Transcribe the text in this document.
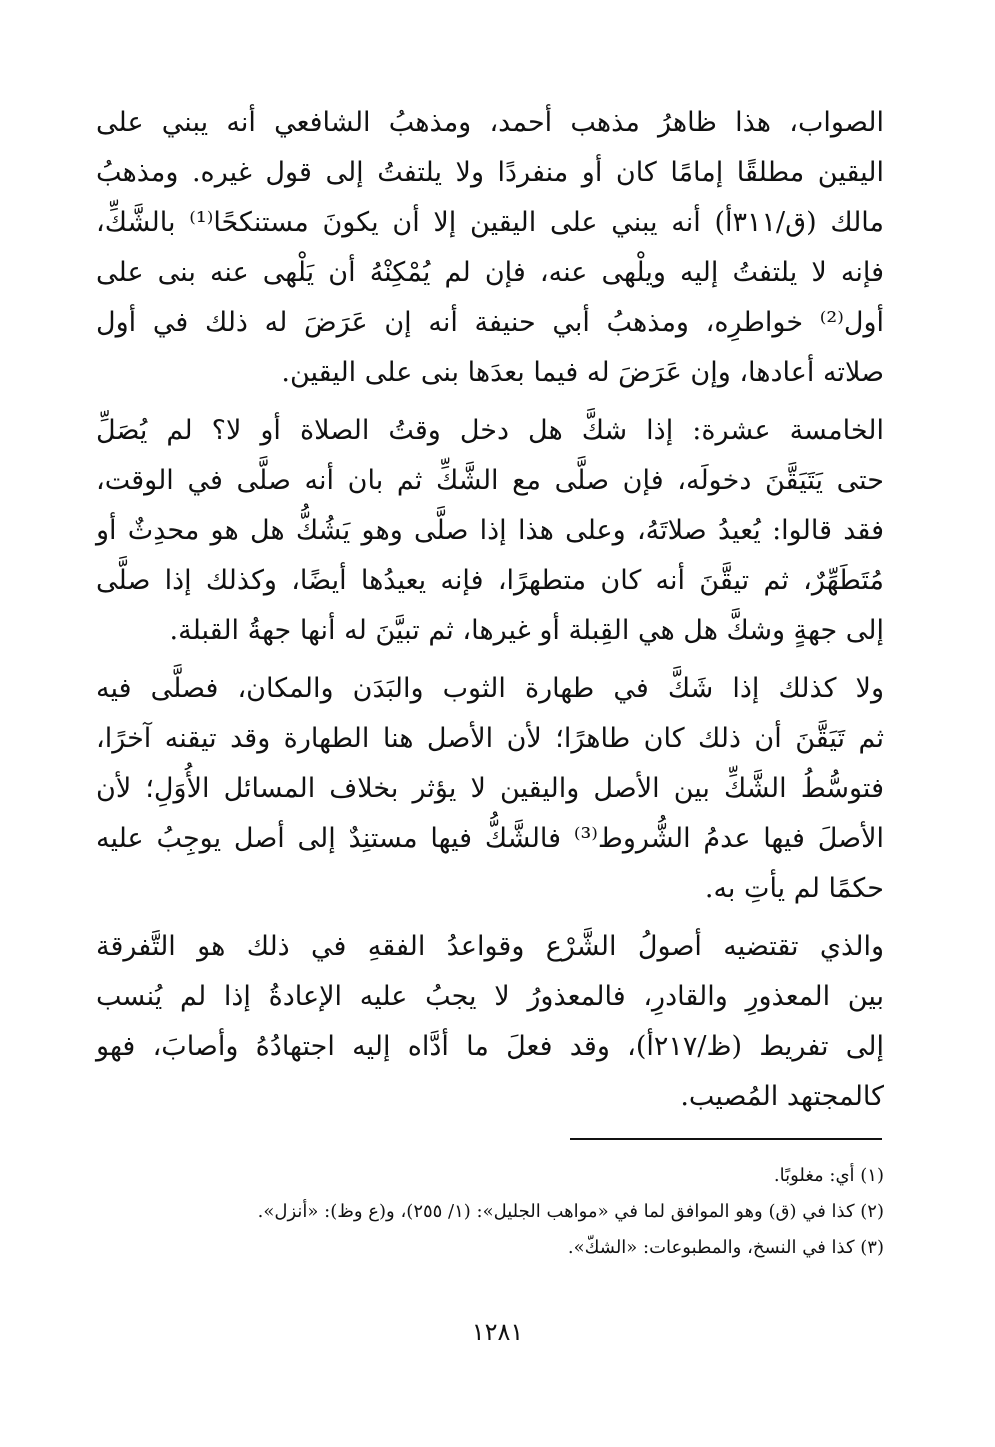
الصواب، هذا ظاهرُ مذهب أحمد، ومذهبُ الشافعي أنه يبني على
اليقين مطلقًا إمامًا كان أو منفردًا ولا يلتفتُ إلى قول غيره. ومذهبُ
مالك (ق/٣١١أ) أنه يبني على اليقين إلا أن يكونَ مستنكحًا⁽¹⁾ بالشَّكِّ،
فإنه لا يلتفتُ إليه ويلْهى عنه، فإن لم يُمْكِنْهُ أن يَلْهى عنه بنى على
أول⁽²⁾ خواطرِه، ومذهبُ أبي حنيفة أنه إن عَرَضَ له ذلك في أول
صلاته أعادها، وإن عَرَضَ له فيما بعدَها بنى على اليقين.

الخامسة عشرة: إذا شكَّ هل دخل وقتُ الصلاة أو لا؟ لم يُصَلِّ
حتى يَتَيَقَّنَ دخولَه، فإن صلَّى مع الشَّكِّ ثم بان أنه صلَّى في الوقت،
فقد قالوا: يُعيدُ صلاتَهُ، وعلى هذا إذا صلَّى وهو يَشُكُّ هل هو محدِثٌ أو
مُتَطَهِّرٌ، ثم تيقَّنَ أنه كان متطهرًا، فإنه يعيدُها أيضًا، وكذلك إذا صلَّى
إلى جهةٍ وشكَّ هل هي القِبلة أو غيرها، ثم تبيَّنَ له أنها جهةُ القبلة.

ولا كذلك إذا شَكَّ في طهارة الثوب والبَدَن والمكان، فصلَّى فيه
ثم تَيَقَّنَ أن ذلك كان طاهرًا؛ لأن الأصل هنا الطهارة وقد تيقنه آخرًا،
فتوسُّطُ الشَّكِّ بين الأصل واليقين لا يؤثر بخلاف المسائل الأُوَلِ؛ لأن
الأصلَ فيها عدمُ الشُّروط⁽³⁾ فالشَّكُّ فيها مستنِدٌ إلى أصل يوجِبُ عليه
حكمًا لم يأتِ به.

والذي تقتضيه أصولُ الشَّرْع وقواعدُ الفقهِ في ذلك هو التَّفرقة
بين المعذورِ والقادرِ، فالمعذورُ لا يجبُ عليه الإعادةُ إذا لم يُنسب
إلى تفريط (ظ/٢١٧أ)، وقد فعلَ ما أدَّاه إليه اجتهادُهُ وأصابَ، فهو
كالمجتهد المُصيب.

(١) أي: مغلوبًا.
(٢) كذا في (ق) وهو الموافق لما في «مواهب الجليل»: (١/ ٢٥٥)، و(ع وظ): «أنزل».
(٣) كذا في النسخ، والمطبوعات: «الشكّ».
١٢٨١
